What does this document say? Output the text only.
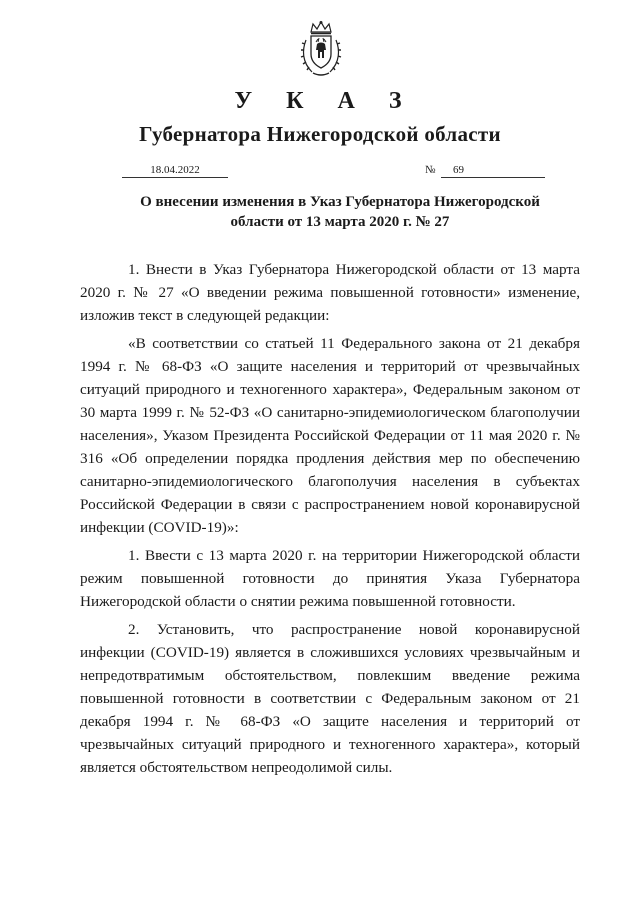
У К А З
Губернатора Нижегородской области
18.04.2022	№	69
О внесении изменения в Указ Губернатора Нижегородской
области от 13 марта 2020 г. № 27

1. Внести в Указ Губернатора Нижегородской области от 13 марта 2020 г. № 27 «О введении режима повышенной готовности» изменение, изложив текст в следующей редакции:

«В соответствии со статьей 11 Федерального закона от 21 декабря 1994 г. № 68-ФЗ «О защите населения и территорий от чрезвычайных ситуаций природного и техногенного характера», Федеральным законом от 30 марта 1999 г. № 52-ФЗ «О санитарно-эпидемиологическом благополучии населения», Указом Президента Российской Федерации от 11 мая 2020 г. № 316 «Об определении порядка продления действия мер по обеспечению санитарно-эпидемиологического благополучия населения в субъектах Российской Федерации в связи с распространением новой коронавирусной инфекции (COVID-19)»:

1. Ввести с 13 марта 2020 г. на территории Нижегородской области режим повышенной готовности до принятия Указа Губернатора Нижегородской области о снятии режима повышенной готовности.

2. Установить, что распространение новой коронавирусной инфекции (COVID-19) является в сложившихся условиях чрезвычайным и непредотвратимым обстоятельством, повлекшим введение режима повышенной готовности в соответствии с Федеральным законом от 21 декабря 1994 г. № 68-ФЗ «О защите населения и территорий от чрезвычайных ситуаций природного и техногенного характера», который является обстоятельством непреодолимой силы.
